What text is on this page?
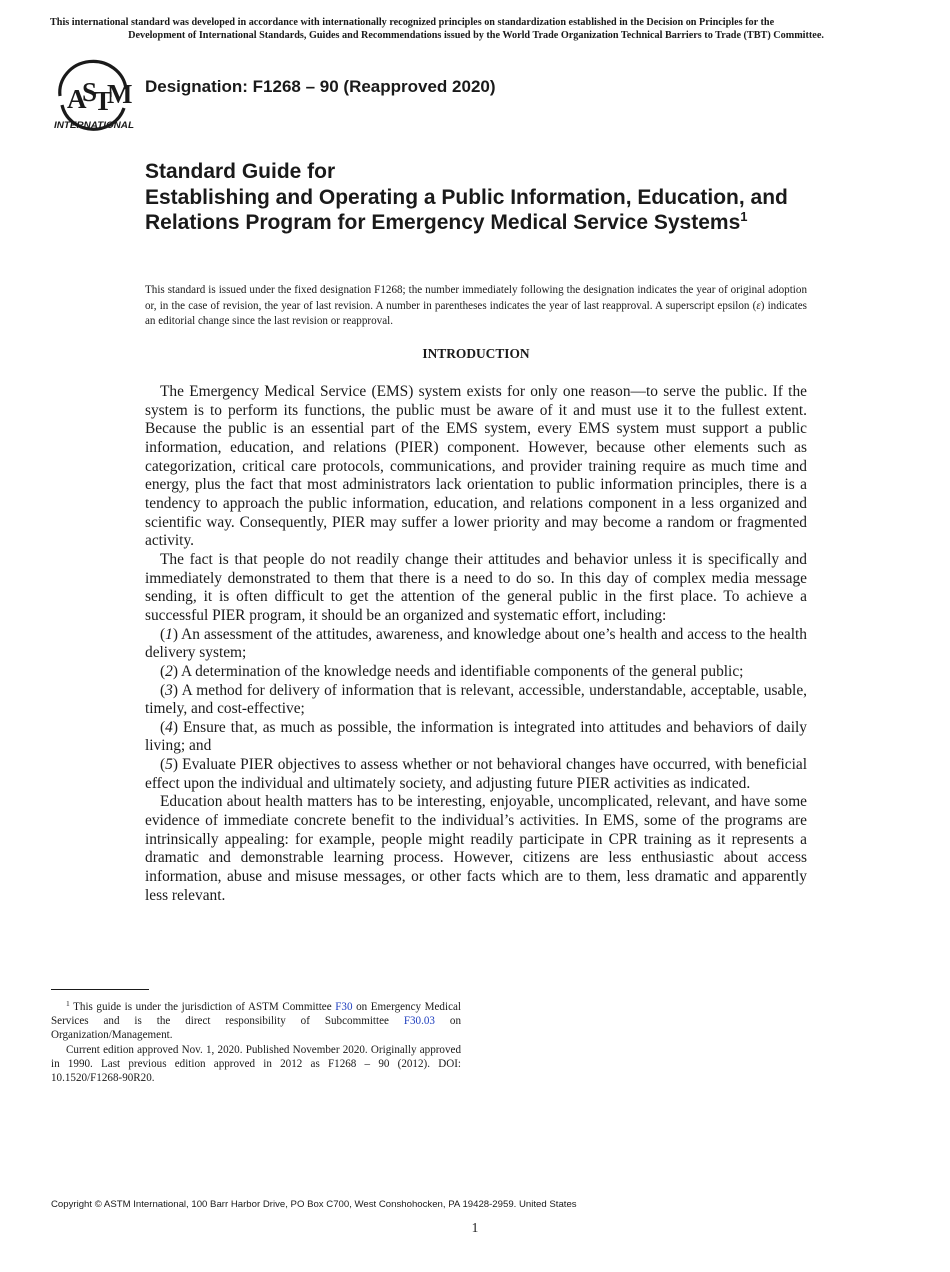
This international standard was developed in accordance with internationally recognized principles on standardization established in the Decision on Principles for the
Development of International Standards, Guides and Recommendations issued by the World Trade Organization Technical Barriers to Trade (TBT) Committee.
A
S
T
M
INTERNATIONAL
Designation: F1268 – 90 (Reapproved 2020)
Standard Guide for
Establishing and Operating a Public Information, Education, and Relations Program for Emergency Medical Service Systems$^1$
This standard is issued under the fixed designation F1268; the number immediately following the designation indicates the year of original adoption or, in the case of revision, the year of last revision. A number in parentheses indicates the year of last reapproval. A superscript epsilon (ε) indicates an editorial change since the last revision or reapproval.
INTRODUCTION

The Emergency Medical Service (EMS) system exists for only one reason—to serve the public. If the system is to perform its functions, the public must be aware of it and must use it to the fullest extent. Because the public is an essential part of the EMS system, every EMS system must support a public information, education, and relations (PIER) component. However, because other elements such as categorization, critical care protocols, communications, and provider training require as much time and energy, plus the fact that most administrators lack orientation to public information principles, there is a tendency to approach the public information, education, and relations component in a less organized and scientific way. Consequently, PIER may suffer a lower priority and may become a random or fragmented activity.

The fact is that people do not readily change their attitudes and behavior unless it is specifically and immediately demonstrated to them that there is a need to do so. In this day of complex media message sending, it is often difficult to get the attention of the general public in the first place. To achieve a successful PIER program, it should be an organized and systematic effort, including:

(1) An assessment of the attitudes, awareness, and knowledge about one’s health and access to the health delivery system;

(2) A determination of the knowledge needs and identifiable components of the general public;

(3) A method for delivery of information that is relevant, accessible, understandable, acceptable, usable, timely, and cost-effective;

(4) Ensure that, as much as possible, the information is integrated into attitudes and behaviors of daily living; and

(5) Evaluate PIER objectives to assess whether or not behavioral changes have occurred, with beneficial effect upon the individual and ultimately society, and adjusting future PIER activities as indicated.

Education about health matters has to be interesting, enjoyable, uncomplicated, relevant, and have some evidence of immediate concrete benefit to the individual’s activities. In EMS, some of the programs are intrinsically appealing: for example, people might readily participate in CPR training as it represents a dramatic and demonstrable learning process. However, citizens are less enthusiastic about access information, abuse and misuse messages, or other facts which are to them, less dramatic and apparently less relevant.

$^1$ This guide is under the jurisdiction of ASTM Committee F30 on Emergency Medical Services and is the direct responsibility of Subcommittee F30.03 on Organization/Management.

Current edition approved Nov. 1, 2020. Published November 2020. Originally approved in 1990. Last previous edition approved in 2012 as F1268 – 90 (2012). DOI: 10.1520/F1268-90R20.

Copyright © ASTM International, 100 Barr Harbor Drive, PO Box C700, West Conshohocken, PA 19428-2959. United States
1
